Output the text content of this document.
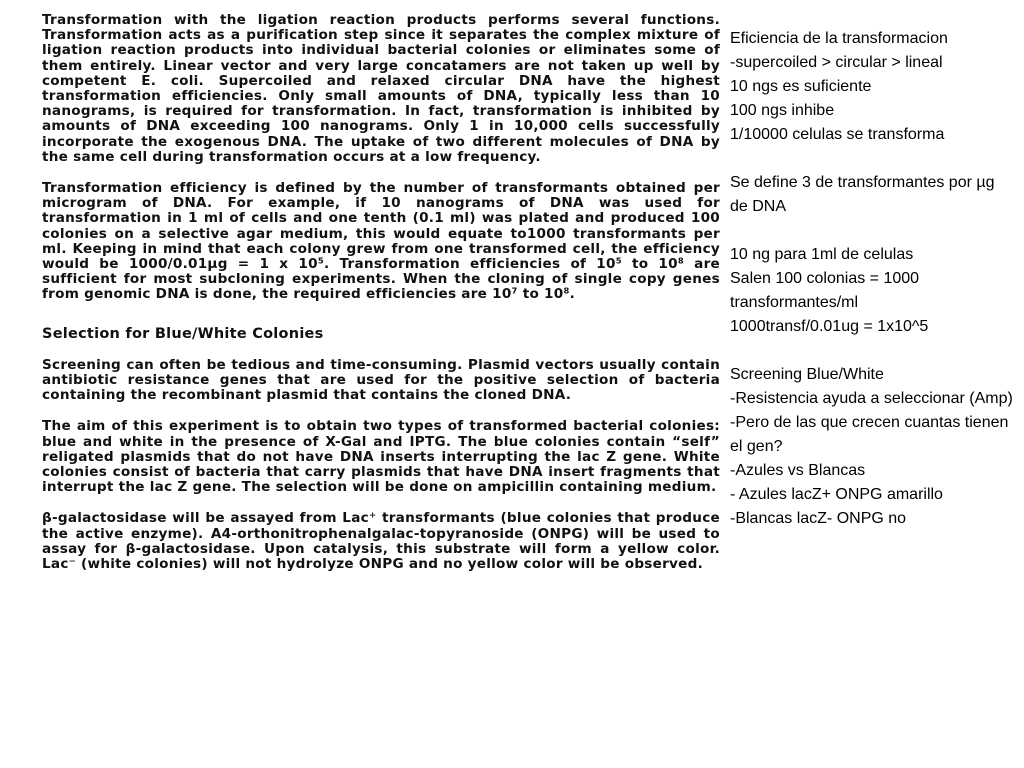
Transformation with the ligation reaction products performs several functions. Transformation acts as a purification step since it separates the complex mixture of ligation reaction products into individual bacterial colonies or eliminates some of them entirely. Linear vector and very large concatamers are not taken up well by competent E. coli. Supercoiled and relaxed circular DNA have the highest transformation efficiencies. Only small amounts of DNA, typically less than 10 nanograms, is required for transformation. In fact, transformation is inhibited by amounts of DNA exceeding 100 nanograms. Only 1 in 10,000 cells successfully incorporate the exogenous DNA. The uptake of two different molecules of DNA by the same cell during transformation occurs at a low frequency.

Transformation efficiency is defined by the number of transformants obtained per microgram of DNA. For example, if 10 nanograms of DNA was used for transformation in 1 ml of cells and one tenth (0.1 ml) was plated and produced 100 colonies on a selective agar medium, this would equate to1000 transformants per ml. Keeping in mind that each colony grew from one transformed cell, the efficiency would be 1000/0.01µg = 1 x 10⁵. Transformation efficiencies of 10⁵ to 10⁸ are sufficient for most subcloning experiments. When the cloning of single copy genes from genomic DNA is done, the required efficiencies are 10⁷ to 10⁸.

Selection for Blue/White Colonies

Screening can often be tedious and time-consuming. Plasmid vectors usually contain antibiotic resistance genes that are used for the positive selection of bacteria containing the recombinant plasmid that contains the cloned DNA.

The aim of this experiment is to obtain two types of transformed bacterial colonies: blue and white in the presence of X-Gal and IPTG. The blue colonies contain “self” religated plasmids that do not have DNA inserts interrupting the lac Z gene. White colonies consist of bacteria that carry plasmids that have DNA insert fragments that interrupt the lac Z gene. The selection will be done on ampicillin containing medium.

β-galactosidase will be assayed from Lac⁺ transformants (blue colonies that produce the active enzyme). A4-orthonitrophenalgalac-topyranoside (ONPG) will be used to assay for β-galactosidase. Upon catalysis, this substrate will form a yellow color. Lac⁻ (white colonies) will not hydrolyze ONPG and no yellow color will be observed.

Eficiencia de la transformacion
-supercoiled > circular > lineal
10 ngs es suficiente
100 ngs inhibe
1/10000 celulas se transforma
Se define 3 de transformantes por µg de DNA
10 ng para 1ml de celulas
Salen 100 colonias = 1000 transformantes/ml
1000transf/0.01ug = 1x10^5
Screening Blue/White
-Resistencia ayuda a seleccionar (Amp)
-Pero de las que crecen cuantas tienen el gen?
-Azules vs Blancas
- Azules lacZ+ ONPG amarillo
-Blancas lacZ- ONPG no
